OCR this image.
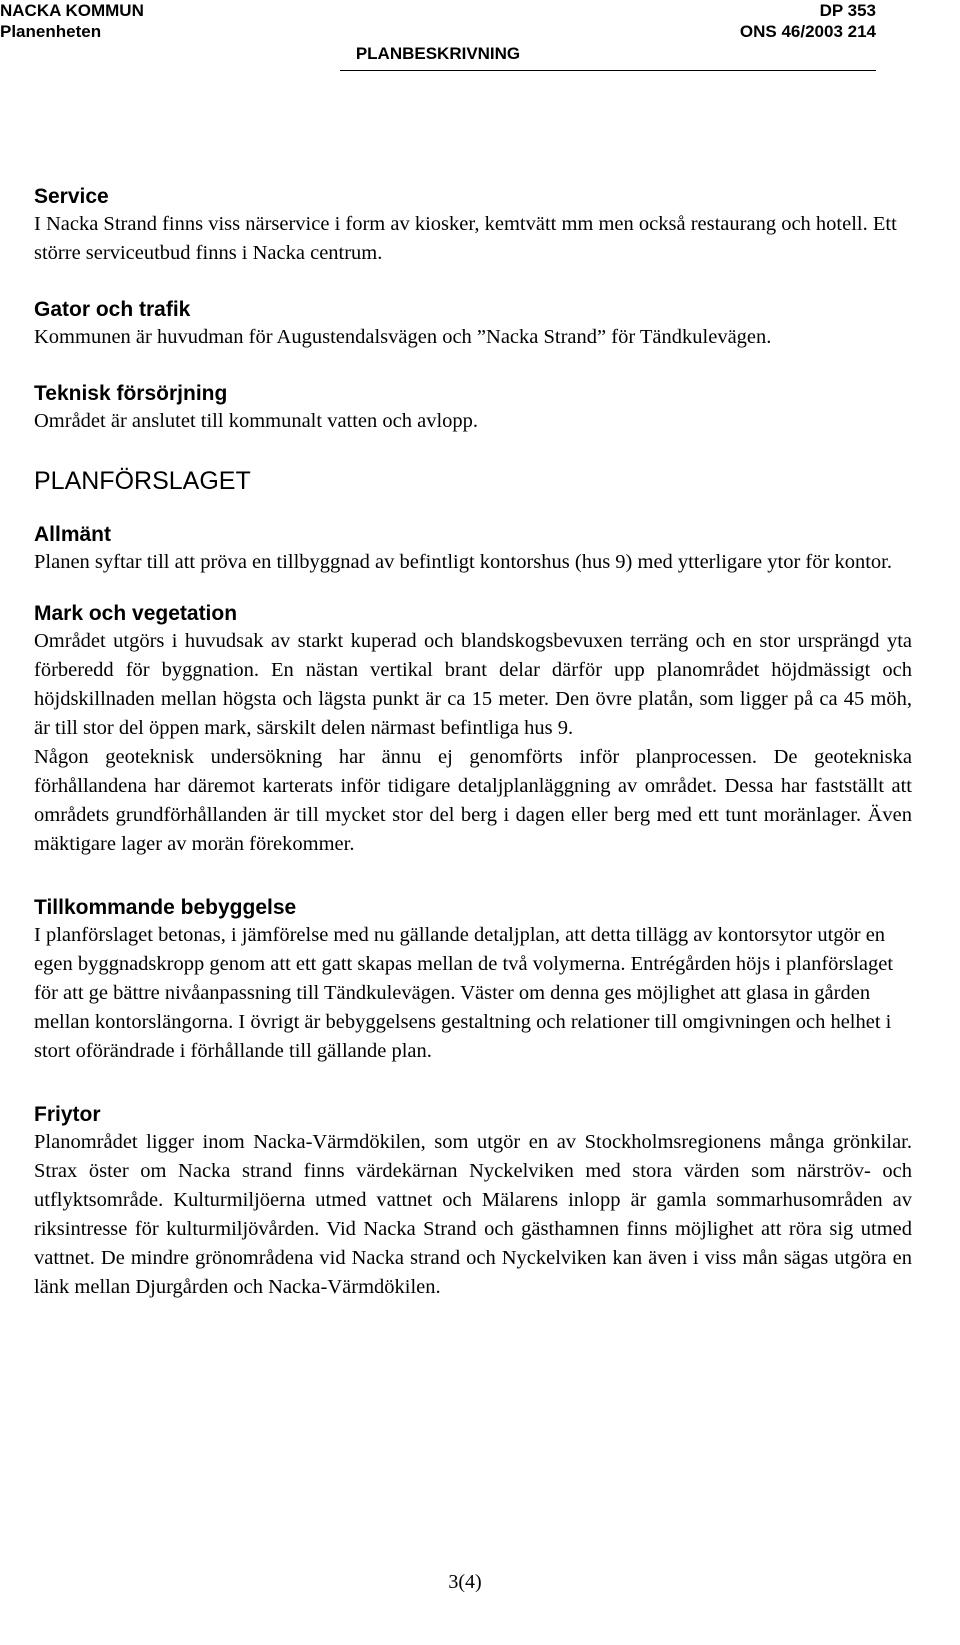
NACKA KOMMUN	DP 353
Planenheten	ONS 46/2003 214
PLANBESKRIVNING

Service

I Nacka Strand finns viss närservice i form av kiosker, kemtvätt mm men också restaurang och hotell. Ett större serviceutbud finns i Nacka centrum.

Gator och trafik

Kommunen är huvudman för Augustendalsvägen och ”Nacka Strand” för Tändkulevägen.

Teknisk försörjning

Området är anslutet till kommunalt vatten och avlopp.

PLANFÖRSLAGET

Allmänt

Planen syftar till att pröva en tillbyggnad av befintligt kontorshus (hus 9) med ytterligare ytor för kontor.

Mark och vegetation

Området utgörs i huvudsak av starkt kuperad och blandskogsbevuxen terräng och en stor ursprängd yta förberedd för byggnation. En nästan vertikal brant delar därför upp planområdet höjdmässigt och höjdskillnaden mellan högsta och lägsta punkt är ca 15 meter. Den övre platån, som ligger på ca 45 möh, är till stor del öppen mark, särskilt delen närmast befintliga hus 9.

Någon geoteknisk undersökning har ännu ej genomförts inför planprocessen. De geotekniska förhållandena har däremot karterats inför tidigare detaljplanläggning av området. Dessa har fastställt att områdets grundförhållanden är till mycket stor del berg i dagen eller berg med ett tunt moränlager. Även mäktigare lager av morän förekommer.

Tillkommande bebyggelse

I planförslaget betonas, i jämförelse med nu gällande detaljplan, att detta tillägg av kontorsytor utgör en egen byggnadskropp genom att ett gatt skapas mellan de två volymerna. Entrégården höjs i planförslaget för att ge bättre nivåanpassning till Tändkulevägen. Väster om denna ges möjlighet att glasa in gården mellan kontorslängorna. I övrigt är bebyggelsens gestaltning och relationer till omgivningen och helhet i stort oförändrade i förhållande till gällande plan.

Friytor

Planområdet ligger inom Nacka-Värmdökilen, som utgör en av Stockholmsregionens många grönkilar. Strax öster om Nacka strand finns värdekärnan Nyckelviken med stora värden som närströv- och utflyktsområde. Kulturmiljöerna utmed vattnet och Mälarens inlopp är gamla sommarhusområden av riksintresse för kulturmiljövården. Vid Nacka Strand och gästhamnen finns möjlighet att röra sig utmed vattnet. De mindre grönområdena vid Nacka strand och Nyckelviken kan även i viss mån sägas utgöra en länk mellan Djurgården och Nacka-Värmdökilen.

3(4)
